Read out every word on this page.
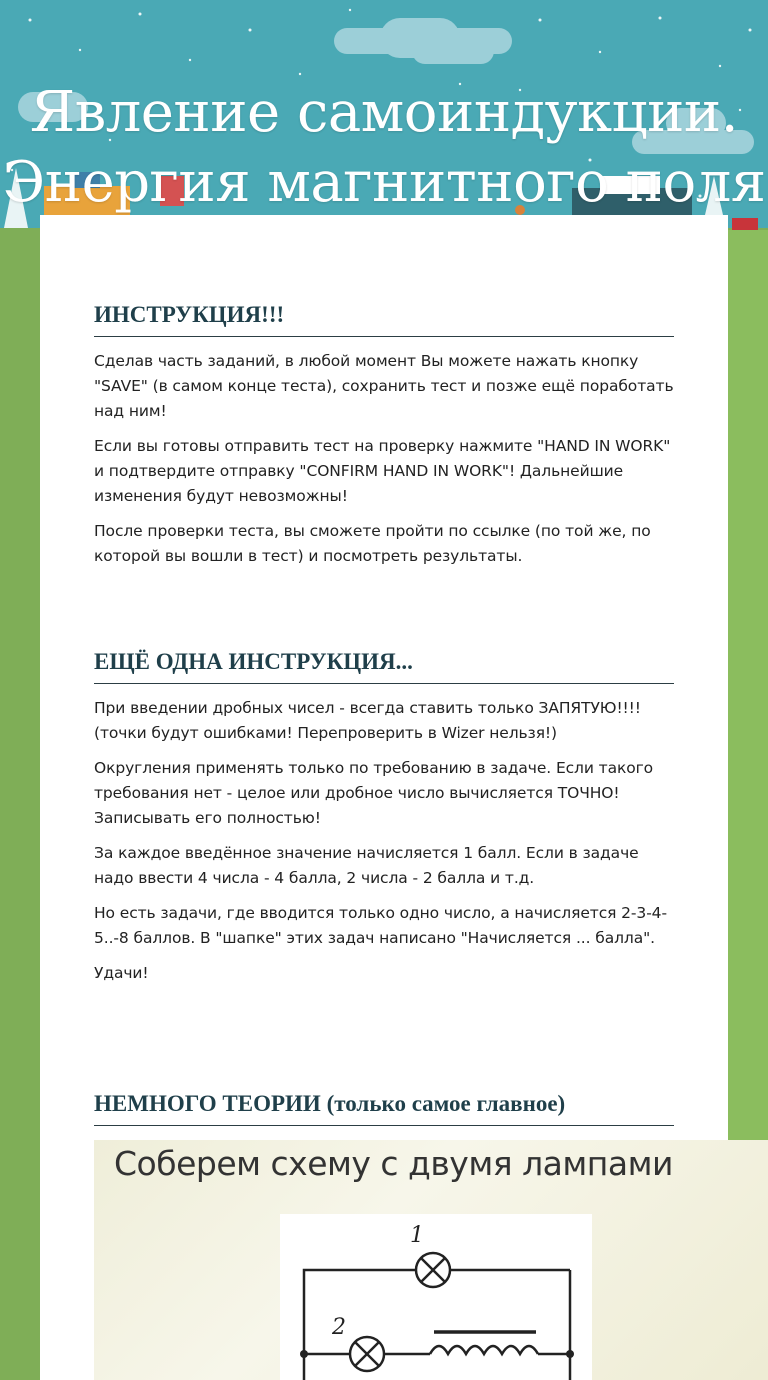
Явление самоиндукции.
Энергия магнитного поля
ИНСТРУКЦИЯ!!!

Сделав часть заданий, в любой момент Вы можете нажать кнопку "SAVE" (в самом конце теста), сохранить тест и позже ещё поработать над ним!

Если вы готовы отправить тест на проверку нажмите "HAND IN WORK" и подтвердите отправку "CONFIRM HAND IN WORK"! Дальнейшие изменения будут невозможны!

После проверки теста, вы сможете пройти по ссылке (по той же, по которой вы вошли в тест) и посмотреть результаты.

ЕЩЁ ОДНА ИНСТРУКЦИЯ...

При введении дробных чисел - всегда ставить только ЗАПЯТУЮ!!!! (точки будут ошибками! Перепроверить в Wizer нельзя!)

Округления применять только по требованию в задаче. Если такого требования нет - целое или дробное число вычисляется ТОЧНО! Записывать его полностью!

За каждое введённое значение начисляется 1 балл. Если в задаче надо ввести 4 числа - 4 балла, 2 числа - 2 балла и т.д.

Но есть задачи, где вводится только одно число, а начисляется 2-3-4-5..-8 баллов. В "шапке" этих задач написано "Начисляется ... балла".

Удачи!

НЕМНОГО ТЕОРИИ (только самое главное)
Соберем схему с двумя лампами
1
2
